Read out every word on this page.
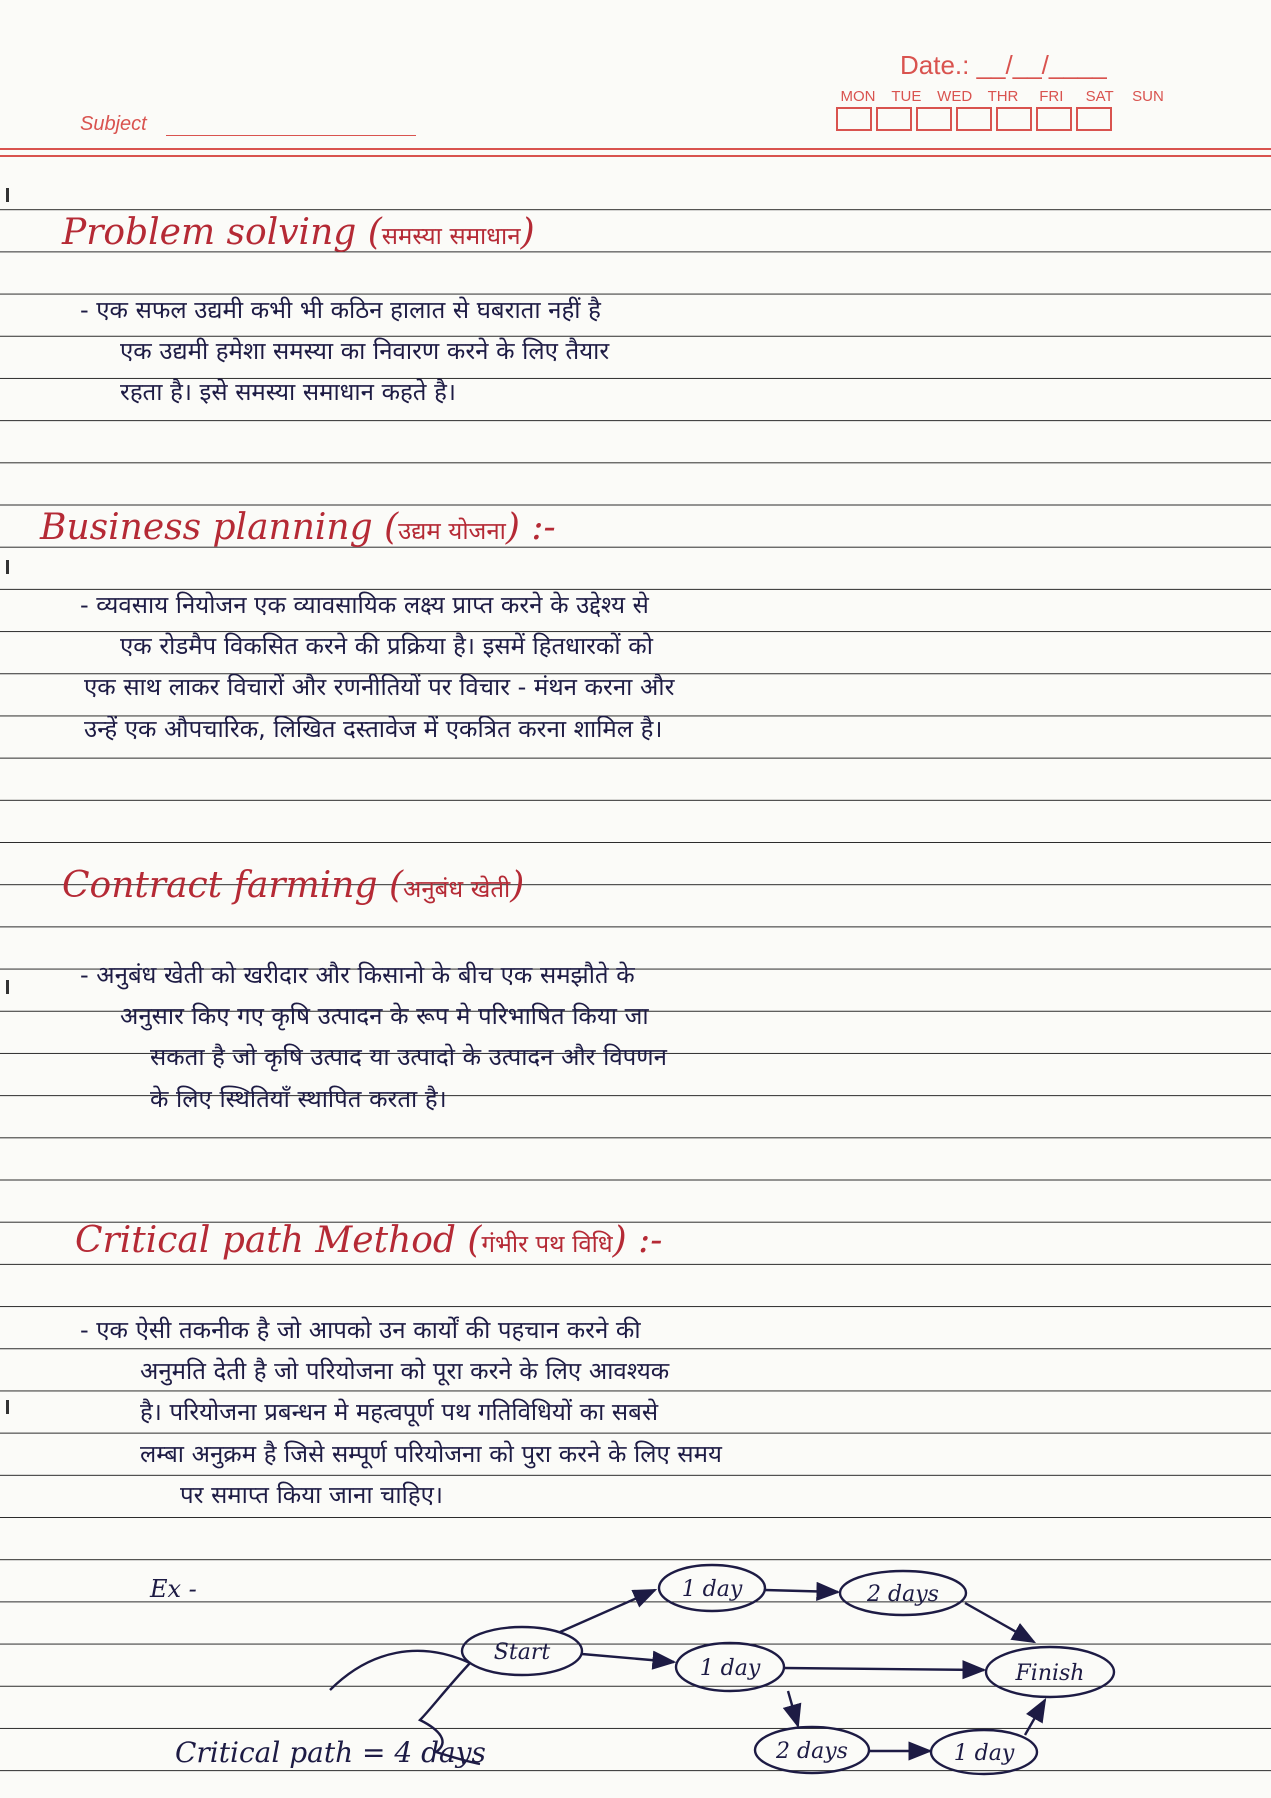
Date.: __/__/____
MON	TUE	WED	THR	FRI	SAT	SUN
Subject
Problem solving (समस्या समाधान)

- एक सफल उद्यमी कभी भी कठिन हालात से घबराता नहीं है

एक उद्यमी हमेशा समस्या का निवारण करने के लिए तैयार

रहता है। इसे समस्या समाधान कहते है।

Business planning (उद्यम योजना) :-

- व्यवसाय नियोजन एक व्यावसायिक लक्ष्य प्राप्त करने के उद्देश्य से

एक रोडमैप विकसित करने की प्रक्रिया है। इसमें हितधारकों को

एक साथ लाकर विचारों और रणनीतियों पर विचार - मंथन करना और

उन्हें एक औपचारिक, लिखित दस्तावेज में एकत्रित करना शामिल है।

Contract farming (अनुबंध खेती)

- अनुबंध खेती को खरीदार और किसानो के बीच एक समझौते के

अनुसार किए गए कृषि उत्पादन के रूप मे परिभाषित किया जा

सकता है जो कृषि उत्पाद या उत्पादो के उत्पादन और विपणन

के लिए स्थितियाँ स्थापित करता है।

Critical path Method (गंभीर पथ विधि) :-

- एक ऐसी तकनीक है जो आपको उन कार्यों की पहचान करने की

अनुमति देती है जो परियोजना को पूरा करने के लिए आवश्यक

है। परियोजना प्रबन्धन मे महत्वपूर्ण पथ गतिविधियों का सबसे

लम्बा अनुक्रम है जिसे सम्पूर्ण परियोजना को पुरा करने के लिए समय

पर समाप्त किया जाना चाहिए।

Ex -
Start
1 day	2 days
1 day	Finish
2 days	1 day
Critical path = 4 days
